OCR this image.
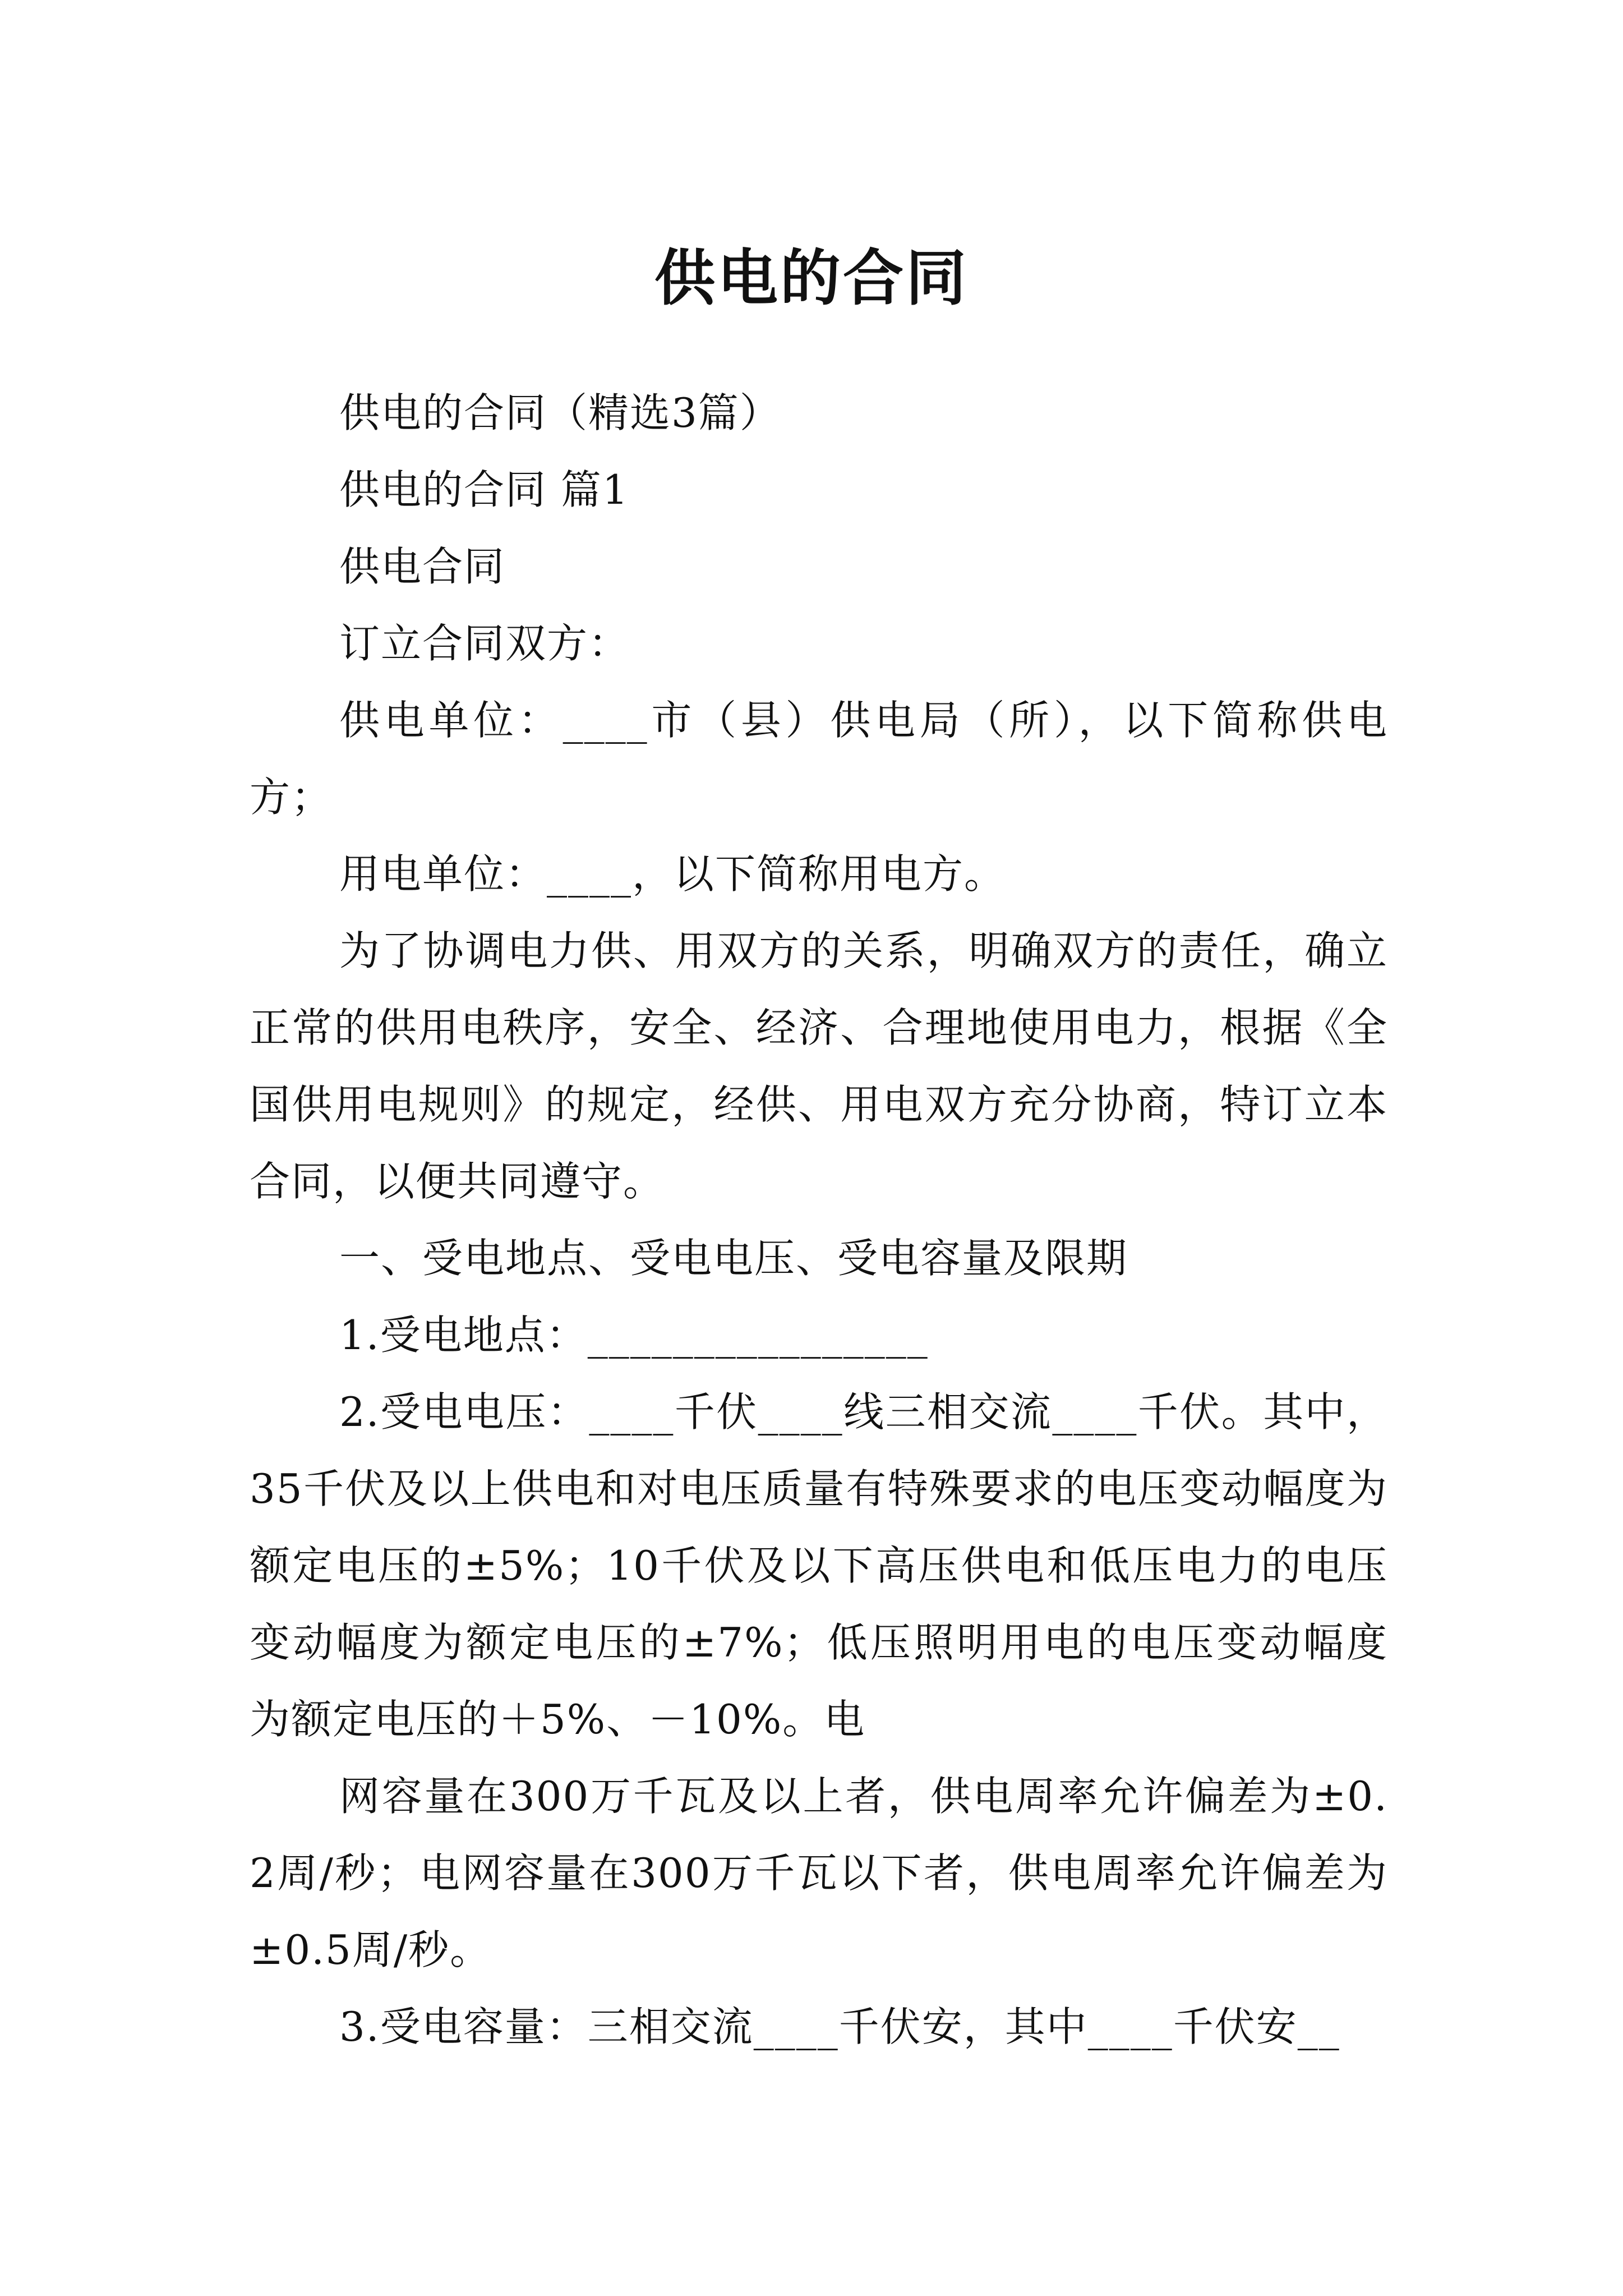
供电的合同

供电的合同（精选3篇）

供电的合同 篇1

供电合同

订立合同双方：

供电单位：____市（县）供电局（所），以下简称供电方；

用电单位：____，以下简称用电方。

为了协调电力供、用双方的关系，明确双方的责任，确立正常的供用电秩序，安全、经济、合理地使用电力，根据《全国供用电规则》的规定，经供、用电双方充分协商，特订立本合同，以便共同遵守。

一、受电地点、受电电压、受电容量及限期

1.受电地点：________________

2.受电电压：____千伏____线三相交流____千伏。其中，35千伏及以上供电和对电压质量有特殊要求的电压变动幅度为额定电压的±5%；10千伏及以下高压供电和低压电力的电压变动幅度为额定电压的±7%；低压照明用电的电压变动幅度为额定电压的＋5%、－10%。电

网容量在300万千瓦及以上者，供电周率允许偏差为±0.2周/秒；电网容量在300万千瓦以下者，供电周率允许偏差为±0.5周/秒。

3.受电容量：三相交流____千伏安，其中____千伏安__
